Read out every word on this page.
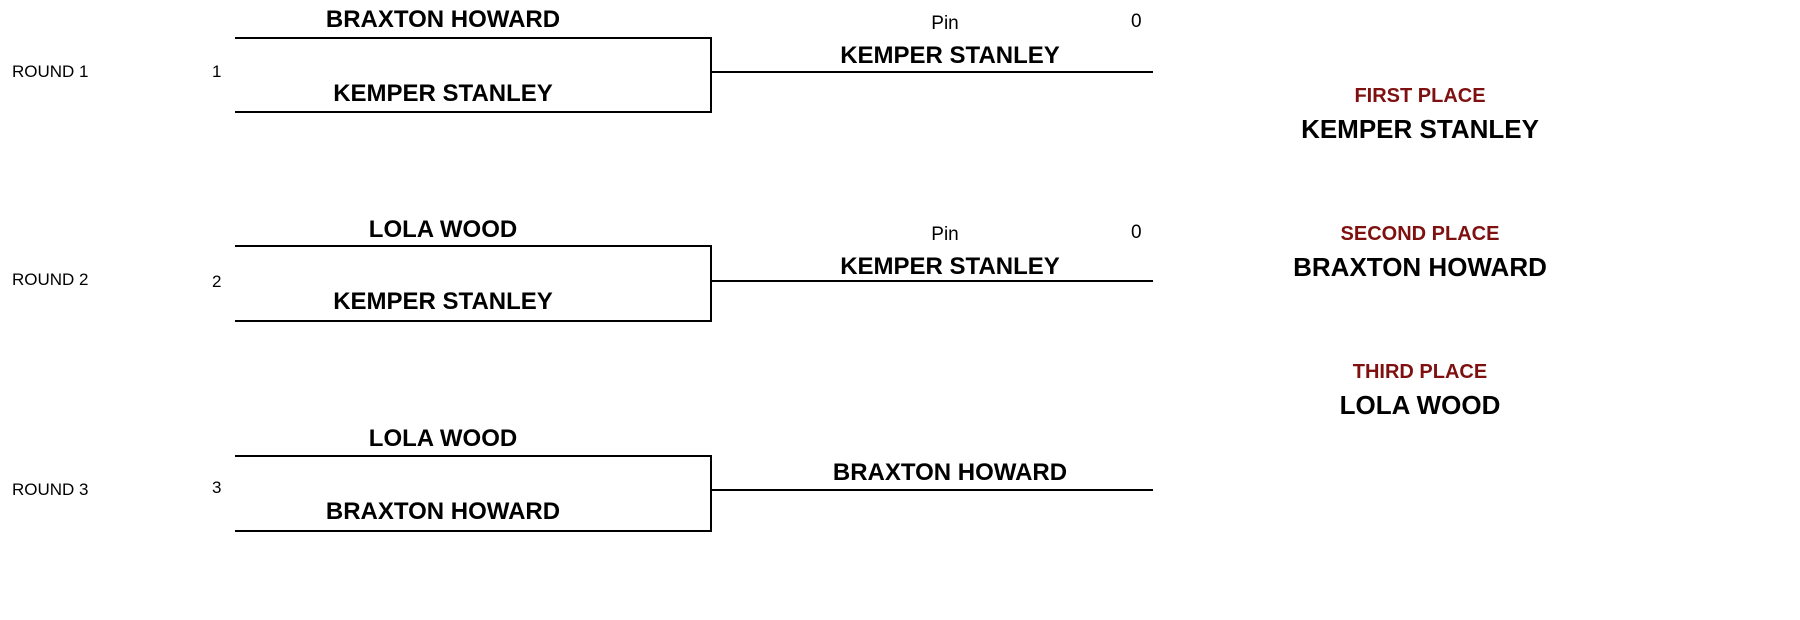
ROUND 1	1
BRAXTON HOWARD
KEMPER STANLEY
Pin	0
KEMPER STANLEY
ROUND 2	2
LOLA WOOD
KEMPER STANLEY
Pin	0
KEMPER STANLEY
ROUND 3	3
LOLA WOOD
BRAXTON HOWARD
BRAXTON HOWARD
FIRST PLACE
KEMPER STANLEY
SECOND PLACE
BRAXTON HOWARD
THIRD PLACE
LOLA WOOD
